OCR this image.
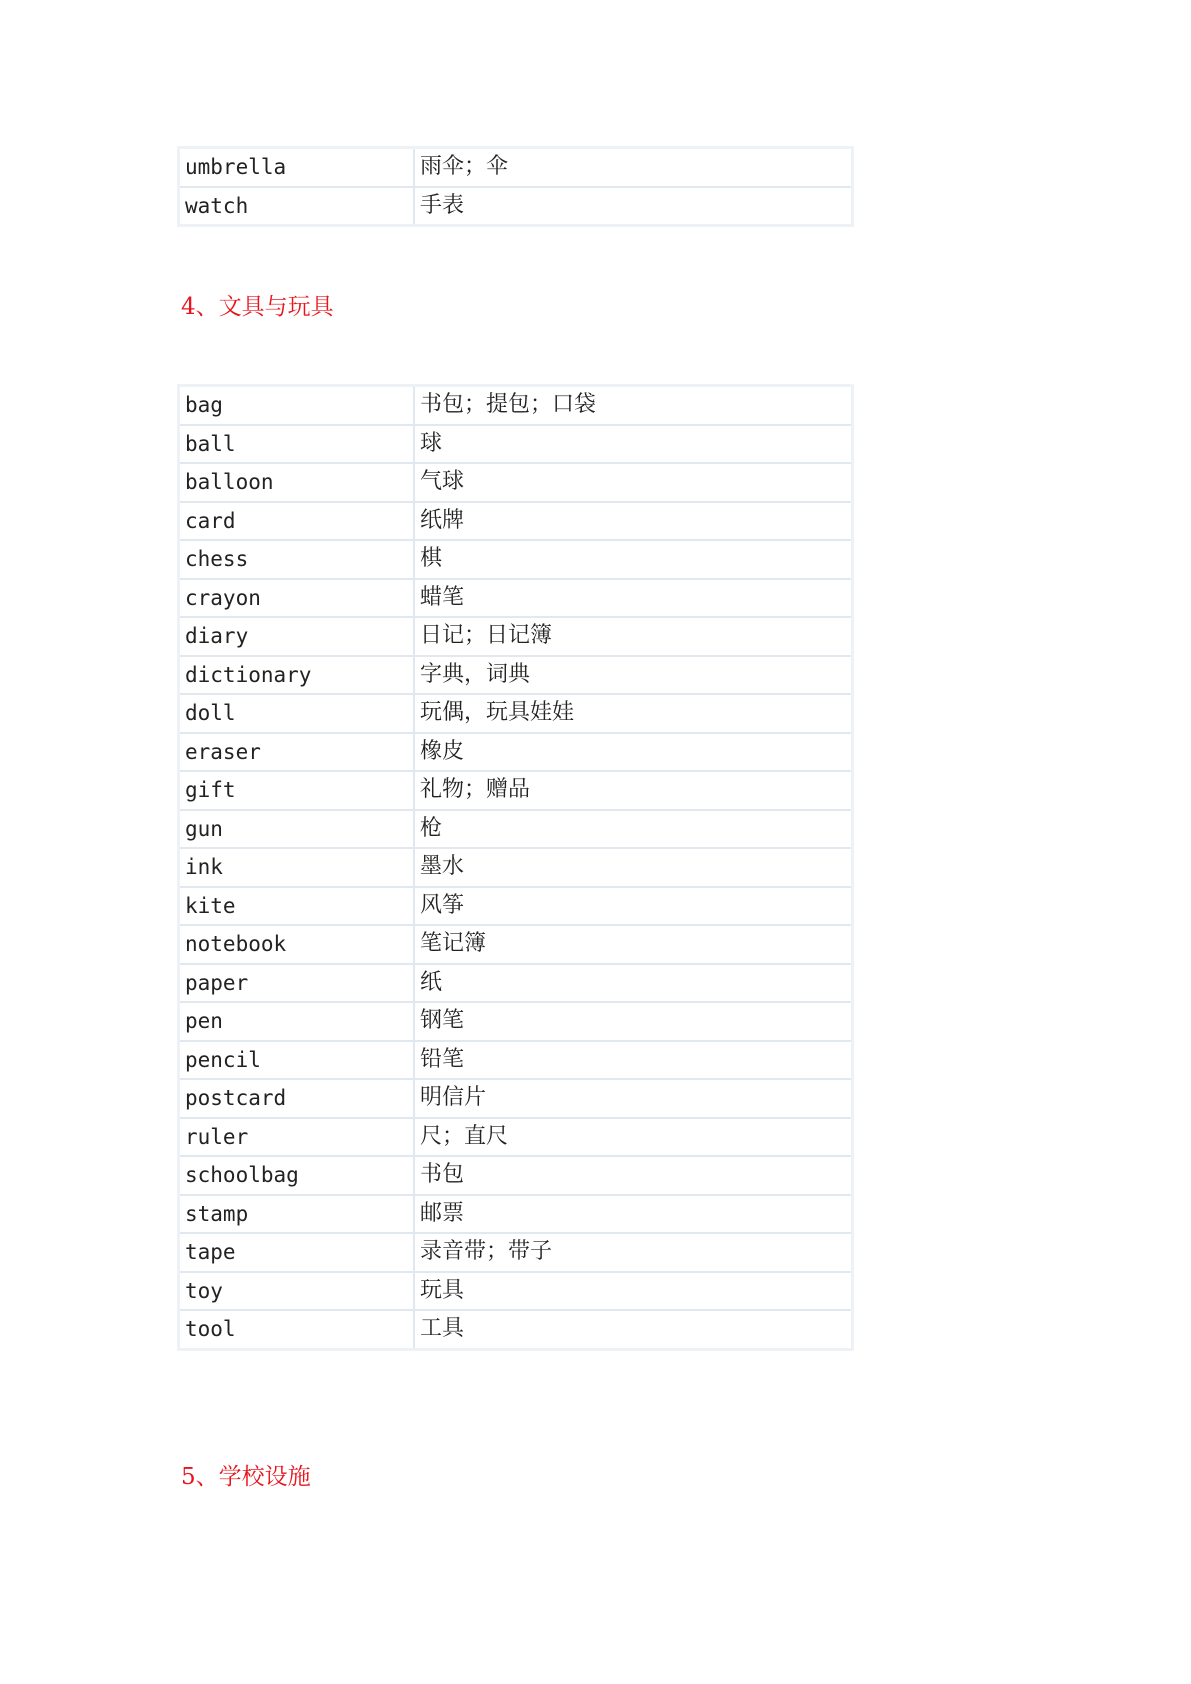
umbrella	雨伞；伞
watch	手表
4、文具与玩具
bag	书包；提包；口袋
ball	球
balloon	气球
card	纸牌
chess	棋
crayon	蜡笔
diary	日记；日记簿
dictionary	字典，词典
doll	玩偶，玩具娃娃
eraser	橡皮
gift	礼物；赠品
gun	枪
ink	墨水
kite	风筝
notebook	笔记簿
paper	纸
pen	钢笔
pencil	铅笔
postcard	明信片
ruler	尺；直尺
schoolbag	书包
stamp	邮票
tape	录音带；带子
toy	玩具
tool	工具
5、学校设施
